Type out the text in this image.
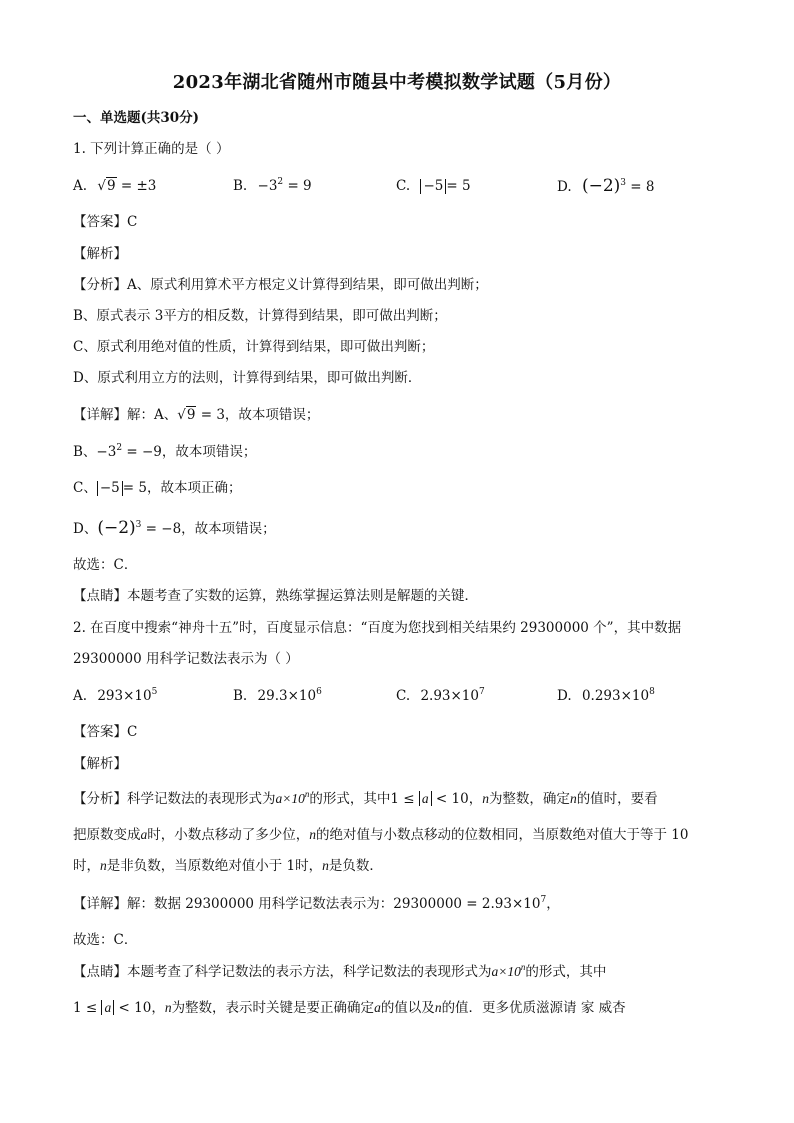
2023年湖北省随州市随县中考模拟数学试题（5月份）
一、单选题(共30分)
1. 下列计算正确的是（ ）
A. √9 = ±3	B. $-3^2 = 9$	C. −5 = 5	D. $(-2)^3 = 8$
【答案】C
【解析】
【分析】A、原式利用算术平方根定义计算得到结果，即可做出判断；
B、原式表示 3平方的相反数，计算得到结果，即可做出判断；
C、原式利用绝对值的性质，计算得到结果，即可做出判断；
D、原式利用立方的法则，计算得到结果，即可做出判断．
【详解】解：A、√9 = 3，故本项错误；
B、$-3^2 = -9$，故本项错误；
C、 −5 = 5，故本项正确；
D、$(-2)^3 = -8$，故本项错误；
故选：C．
【点睛】本题考查了实数的运算，熟练掌握运算法则是解题的关键．
2. 在百度中搜索“神舟十五”时，百度显示信息：“百度为您找到相关结果约 29300000 个”，其中数据
29300000 用科学记数法表示为（ ）
A. $293\times 10^5$	B. $29.3\times 10^6$	C. $2.93\times 10^7$	D. $0.293\times 10^8$
【答案】C
【解析】
【分析】科学记数法的表现形式为$a\times 10^n$的形式，其中1 ≤ a < 10，n为整数，确定n的值时，要看
把原数变成a时，小数点移动了多少位，n的绝对值与小数点移动的位数相同，当原数绝对值大于等于 10
时，n是非负数，当原数绝对值小于 1时，n是负数．
【详解】解：数据 29300000 用科学记数法表示为：$29300000 = 2.93\times 10^7$，
故选：C．
【点睛】本题考查了科学记数法的表示方法，科学记数法的表现形式为$a\times 10^n$的形式，其中
1 ≤ a < 10，n为整数，表示时关键是要正确确定a的值以及n的值．更多优质滋源请 家 威杏
